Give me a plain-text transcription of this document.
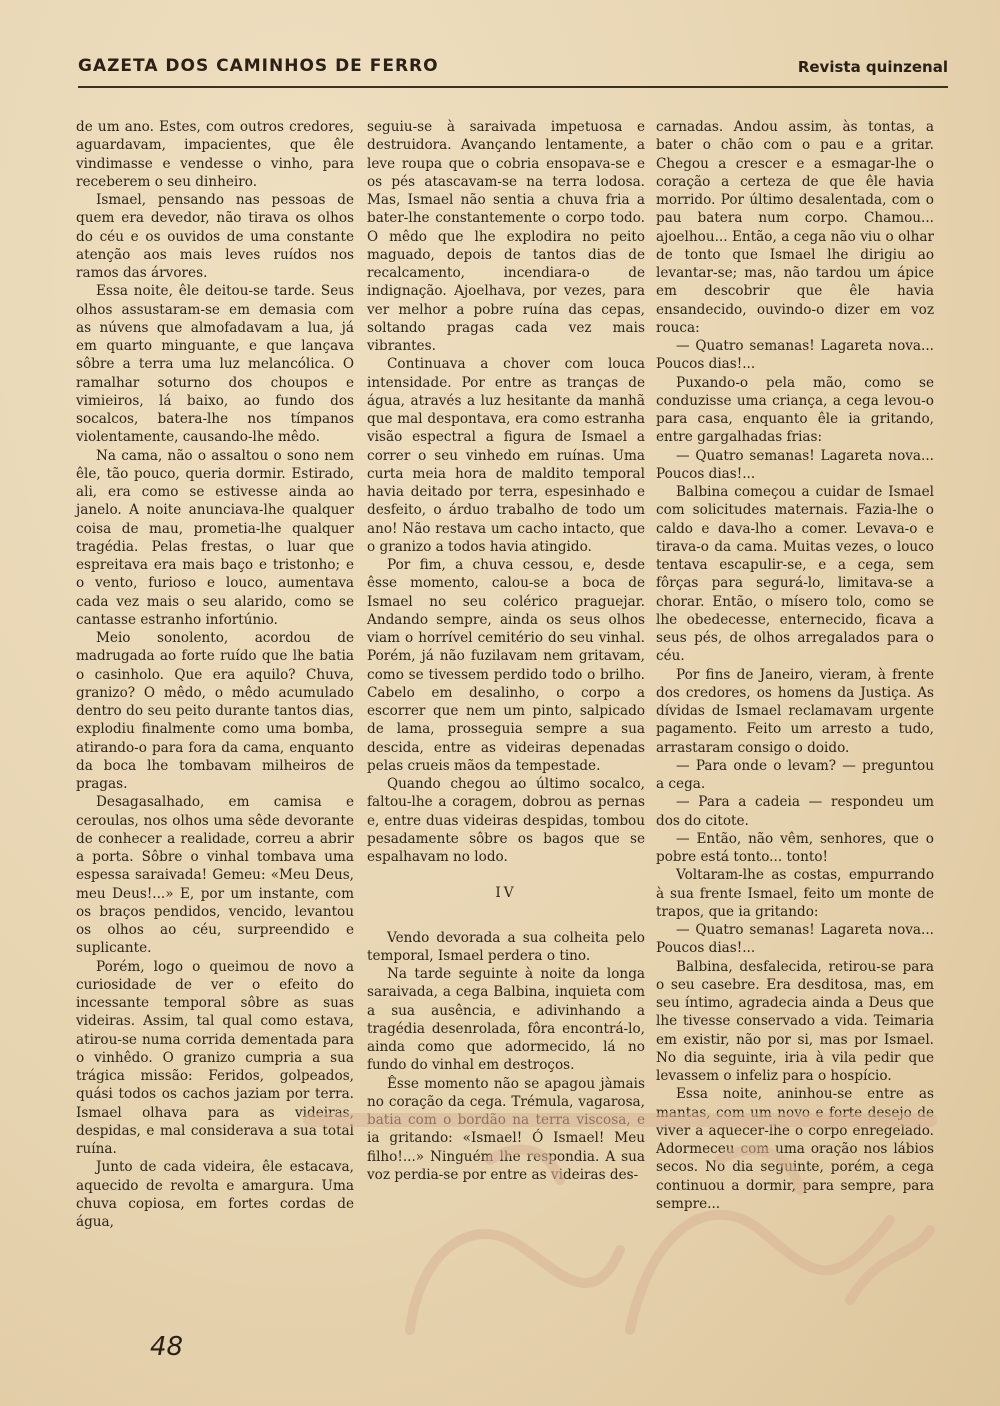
GAZETA DOS CAMINHOS DE FERRO	Revista quinzenal

de um ano. Estes, com outros credores, aguardavam, impacientes, que êle vindimasse e vendesse o vinho, para receberem o seu dinheiro.

Ismael, pensando nas pessoas de quem era devedor, não tirava os olhos do céu e os ouvidos de uma constante atenção aos mais leves ruídos nos ramos das árvores.

Essa noite, êle deitou-se tarde. Seus olhos assustaram-se em demasia com as núvens que almofadavam a lua, já em quarto minguante, e que lançava sôbre a terra uma luz melancólica. O ramalhar soturno dos choupos e vimieiros, lá baixo, ao fundo dos socalcos, batera-lhe nos tímpanos violentamente, causando-lhe mêdo.

Na cama, não o assaltou o sono nem êle, tão pouco, queria dormir. Estirado, ali, era como se estivesse ainda ao janelo. A noite anunciava-lhe qualquer coisa de mau, prometia-lhe qualquer tragédia. Pelas frestas, o luar que espreitava era mais baço e tristonho; e o vento, furioso e louco, aumentava cada vez mais o seu alarido, como se cantasse estranho infortúnio.

Meio sonolento, acordou de madrugada ao forte ruído que lhe batia o casinholo. Que era aquilo? Chuva, granizo? O mêdo, o mêdo acumulado dentro do seu peito durante tantos dias, explodiu finalmente como uma bomba, atirando-o para fora da cama, enquanto da boca lhe tombavam milheiros de pragas.

Desagasalhado, em camisa e ceroulas, nos olhos uma sêde devorante de conhecer a realidade, correu a abrir a porta. Sôbre o vinhal tombava uma espessa saraivada! Gemeu: «Meu Deus, meu Deus!...» E, por um instante, com os braços pendidos, vencido, levantou os olhos ao céu, surpreendido e suplicante.

Porém, logo o queimou de novo a curiosidade de ver o efeito do incessante temporal sôbre as suas videiras. Assim, tal qual como estava, atirou-se numa corrida dementada para o vinhêdo. O granizo cumpria a sua trágica missão: Feridos, golpeados, quási todos os cachos jaziam por terra. Ismael olhava para as videiras, despidas, e mal considerava a sua total ruína.

Junto de cada videira, êle estacava, aquecido de revolta e amargura. Uma chuva copiosa, em fortes cordas de água,

seguiu-se à saraivada impetuosa e destruidora. Avançando lentamente, a leve roupa que o cobria ensopava-se e os pés atascavam-se na terra lodosa. Mas, Ismael não sentia a chuva fria a bater-lhe constantemente o corpo todo. O mêdo que lhe explodira no peito maguado, depois de tantos dias de recalcamento, incendiara-o de indignação. Ajoelhava, por vezes, para ver melhor a pobre ruína das cepas, soltando pragas cada vez mais vibrantes.

Continuava a chover com louca intensidade. Por entre as tranças de água, através a luz hesitante da manhã que mal despontava, era como estranha visão espectral a figura de Ismael a correr o seu vinhedo em ruínas. Uma curta meia hora de maldito temporal havia deitado por terra, espesinhado e desfeito, o árduo trabalho de todo um ano! Não restava um cacho intacto, que o granizo a todos havia atingido.

Por fim, a chuva cessou, e, desde êsse momento, calou-se a boca de Ismael no seu colérico praguejar. Andando sempre, ainda os seus olhos viam o horrível cemitério do seu vinhal. Porém, já não fuzilavam nem gritavam, como se tivessem perdido todo o brilho. Cabelo em desalinho, o corpo a escorrer que nem um pinto, salpicado de lama, prosseguia sempre a sua descida, entre as videiras depenadas pelas crueis mãos da tempestade.

Quando chegou ao último socalco, faltou-lhe a coragem, dobrou as pernas e, entre duas videiras despidas, tombou pesadamente sôbre os bagos que se espalhavam no lodo.

IV

Vendo devorada a sua colheita pelo temporal, Ismael perdera o tino.

Na tarde seguinte à noite da longa saraivada, a cega Balbina, inquieta com a sua ausência, e adivinhando a tragédia desenrolada, fôra encontrá-lo, ainda como que adormecido, lá no fundo do vinhal em destroços.

Êsse momento não se apagou jàmais no coração da cega. Trémula, vagarosa, batia com o bordão na terra viscosa, e ia gritando: «Ismael! Ó Ismael! Meu filho!...» Ninguém lhe respondia. A sua voz perdia-se por entre as videiras des-

carnadas. Andou assim, às tontas, a bater o chão com o pau e a gritar. Chegou a crescer e a esmagar-lhe o coração a certeza de que êle havia morrido. Por último desalentada, com o pau batera num corpo. Chamou... ajoelhou... Então, a cega não viu o olhar de tonto que Ismael lhe dirigiu ao levantar-se; mas, não tardou um ápice em descobrir que êle havia ensandecido, ouvindo-o dizer em voz rouca:

— Quatro semanas! Lagareta nova... Poucos dias!...

Puxando-o pela mão, como se conduzisse uma criança, a cega levou-o para casa, enquanto êle ia gritando, entre gargalhadas frias:

— Quatro semanas! Lagareta nova... Poucos dias!...

Balbina começou a cuidar de Ismael com solicitudes maternais. Fazia-lhe o caldo e dava-lho a comer. Levava-o e tirava-o da cama. Muitas vezes, o louco tentava escapulir-se, e a cega, sem fôrças para segurá-lo, limitava-se a chorar. Então, o mísero tolo, como se lhe obedecesse, enternecido, ficava a seus pés, de olhos arregalados para o céu.

Por fins de Janeiro, vieram, à frente dos credores, os homens da Justiça. As dívidas de Ismael reclamavam urgente pagamento. Feito um arresto a tudo, arrastaram consigo o doido.

— Para onde o levam? — preguntou a cega.

— Para a cadeia — respondeu um dos do citote.

— Então, não vêm, senhores, que o pobre está tonto... tonto!

Voltaram-lhe as costas, empurrando à sua frente Ismael, feito um monte de trapos, que ia gritando:

— Quatro semanas! Lagareta nova... Poucos dias!...

Balbina, desfalecida, retirou-se para o seu casebre. Era desditosa, mas, em seu íntimo, agradecia ainda a Deus que lhe tivesse conservado a vida. Teimaria em existir, não por si, mas por Ismael. No dia seguinte, iria à vila pedir que levassem o infeliz para o hospício.

Essa noite, aninhou-se entre as mantas, com um novo e forte desejo de viver a aquecer-lhe o corpo enregelado. Adormeceu com uma oração nos lábios secos. No dia seguinte, porém, a cega continuou a dormir, para sempre, para sempre...

48
